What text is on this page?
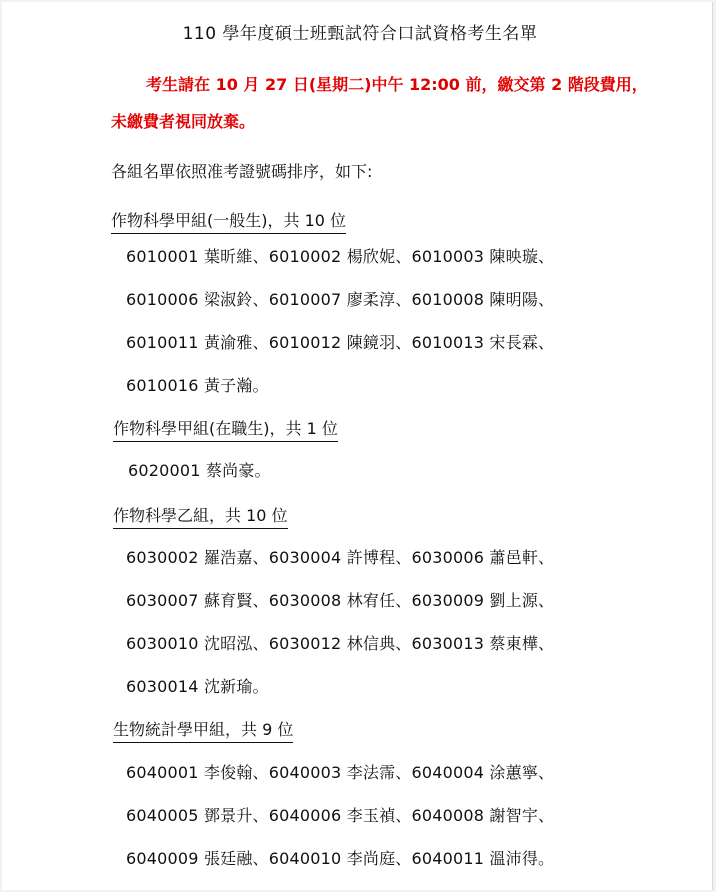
110 學年度碩士班甄試符合口試資格考生名單
考生請在 10 月 27 日(星期二)中午 12:00 前，繳交第 2 階段費用，
未繳費者視同放棄。
各組名單依照准考證號碼排序，如下:
作物科學甲組(一般生)，共 10 位
6010001 葉昕維、6010002 楊欣妮、6010003 陳映璇、
6010006 梁淑鈴、6010007 廖柔淳、6010008 陳明陽、
6010011 黃渝雅、6010012 陳鏡羽、6010013 宋長霖、
6010016 黃子瀚。
作物科學甲組(在職生)，共 1 位
6020001 蔡尚豪。
作物科學乙組，共 10 位
6030002 羅浩嘉、6030004 許博程、6030006 蕭邑軒、
6030007 蘇育賢、6030008 林宥任、6030009 劉上源、
6030010 沈昭泓、6030012 林信典、6030013 蔡東樺、
6030014 沈新瑜。
生物統計學甲組，共 9 位
6040001 李俊翰、6040003 李法霈、6040004 涂蕙寧、
6040005 鄧景升、6040006 李玉禎、6040008 謝智宇、
6040009 張廷融、6040010 李尚庭、6040011 溫沛得。
